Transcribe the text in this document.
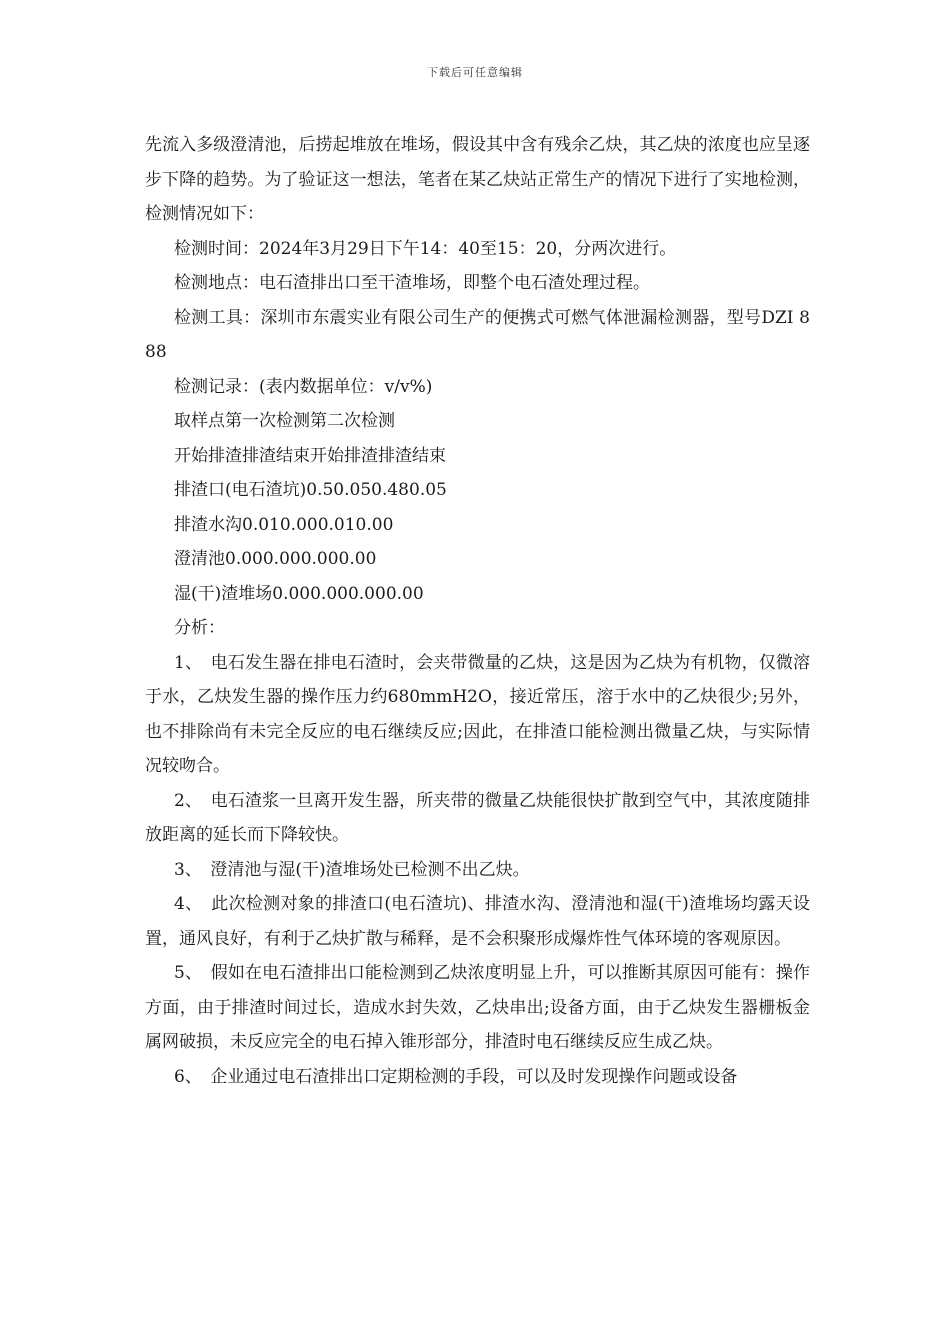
下载后可任意编辑

先流入多级澄清池，后捞起堆放在堆场，假设其中含有残余乙炔，其乙炔的浓度也应呈逐步下降的趋势。为了验证这一想法，笔者在某乙炔站正常生产的情况下进行了实地检测，检测情况如下：

检测时间：2024年3月29日下午14：40至15：20，分两次进行。

检测地点：电石渣排出口至干渣堆场，即整个电石渣处理过程。

检测工具：深圳市东震实业有限公司生产的便携式可燃气体泄漏检测器，型号DZI 888

检测记录：(表内数据单位：v/v%)

取样点第一次检测第二次检测

开始排渣排渣结束开始排渣排渣结束

排渣口(电石渣坑)0.50.050.480.05

排渣水沟0.010.000.010.00

澄清池0.000.000.000.00

湿(干)渣堆场0.000.000.000.00

分析：

1、　电石发生器在排电石渣时，会夹带微量的乙炔，这是因为乙炔为有机物，仅微溶于水，乙炔发生器的操作压力约680mmH2O，接近常压，溶于水中的乙炔很少;另外，也不排除尚有未完全反应的电石继续反应;因此，在排渣口能检测出微量乙炔，与实际情况较吻合。

2、　电石渣浆一旦离开发生器，所夹带的微量乙炔能很快扩散到空气中，其浓度随排放距离的延长而下降较快。

3、　澄清池与湿(干)渣堆场处已检测不出乙炔。

4、　此次检测对象的排渣口(电石渣坑)、排渣水沟、澄清池和湿(干)渣堆场均露天设置，通风良好，有利于乙炔扩散与稀释，是不会积聚形成爆炸性气体环境的客观原因。

5、　假如在电石渣排出口能检测到乙炔浓度明显上升，可以推断其原因可能有：操作方面，由于排渣时间过长，造成水封失效，乙炔串出;设备方面，由于乙炔发生器栅板金属网破损，未反应完全的电石掉入锥形部分，排渣时电石继续反应生成乙炔。

6、　企业通过电石渣排出口定期检测的手段，可以及时发现操作问题或设备
